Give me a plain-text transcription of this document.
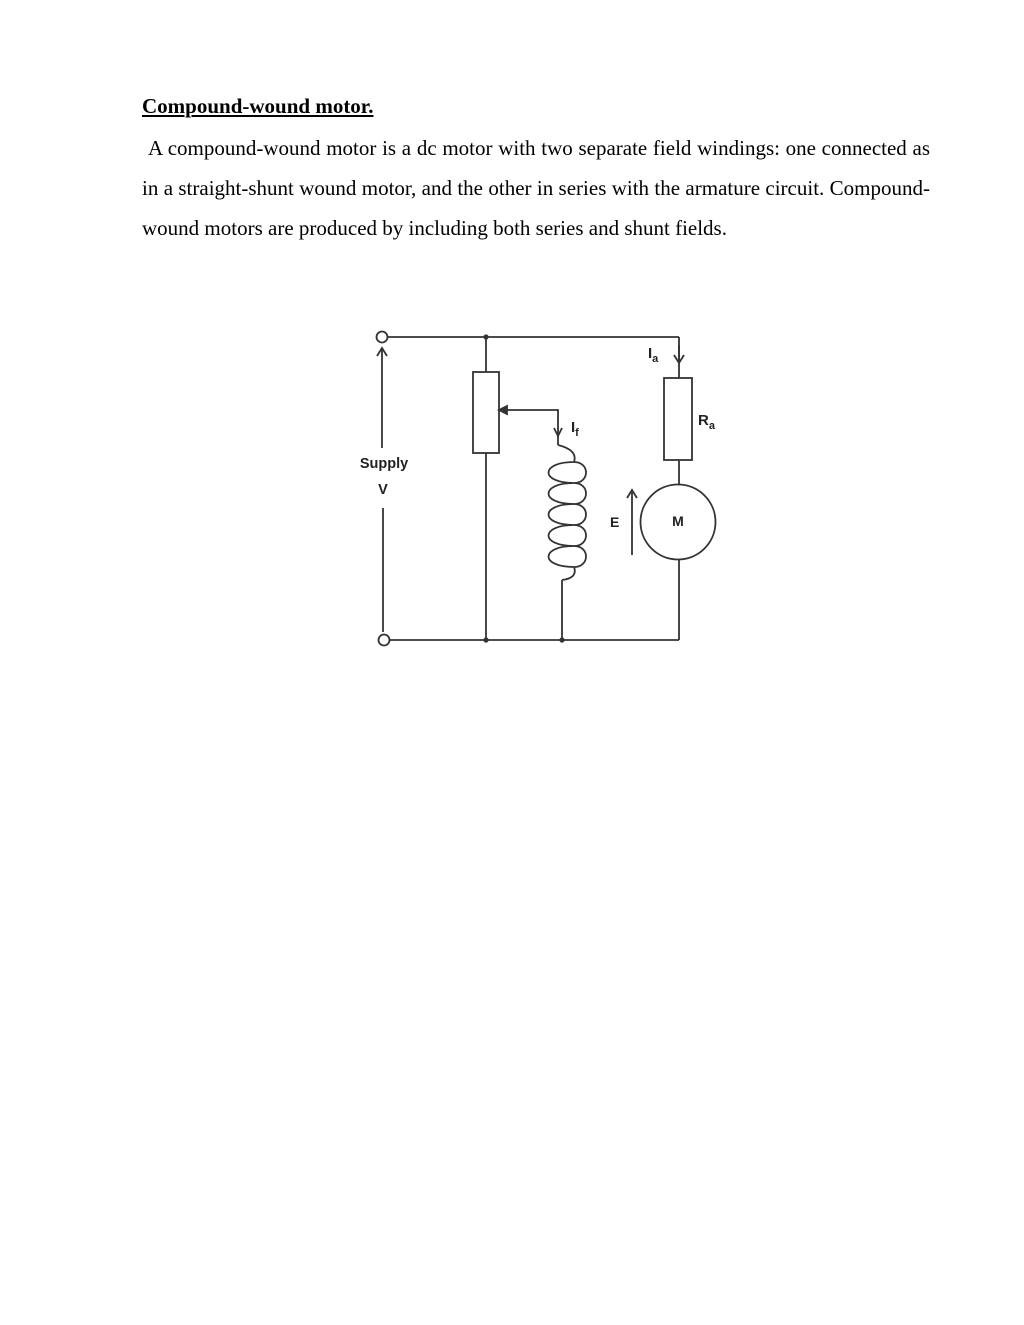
Compound-wound motor.

A compound-wound motor is a dc motor with two separate field windings: one connected as in a straight-shunt wound motor, and the other in series with the armature circuit. Compound-wound motors are produced by including both series and shunt fields.

Supply
V
$I_a$
$R_a$
$I_f$
E	M
